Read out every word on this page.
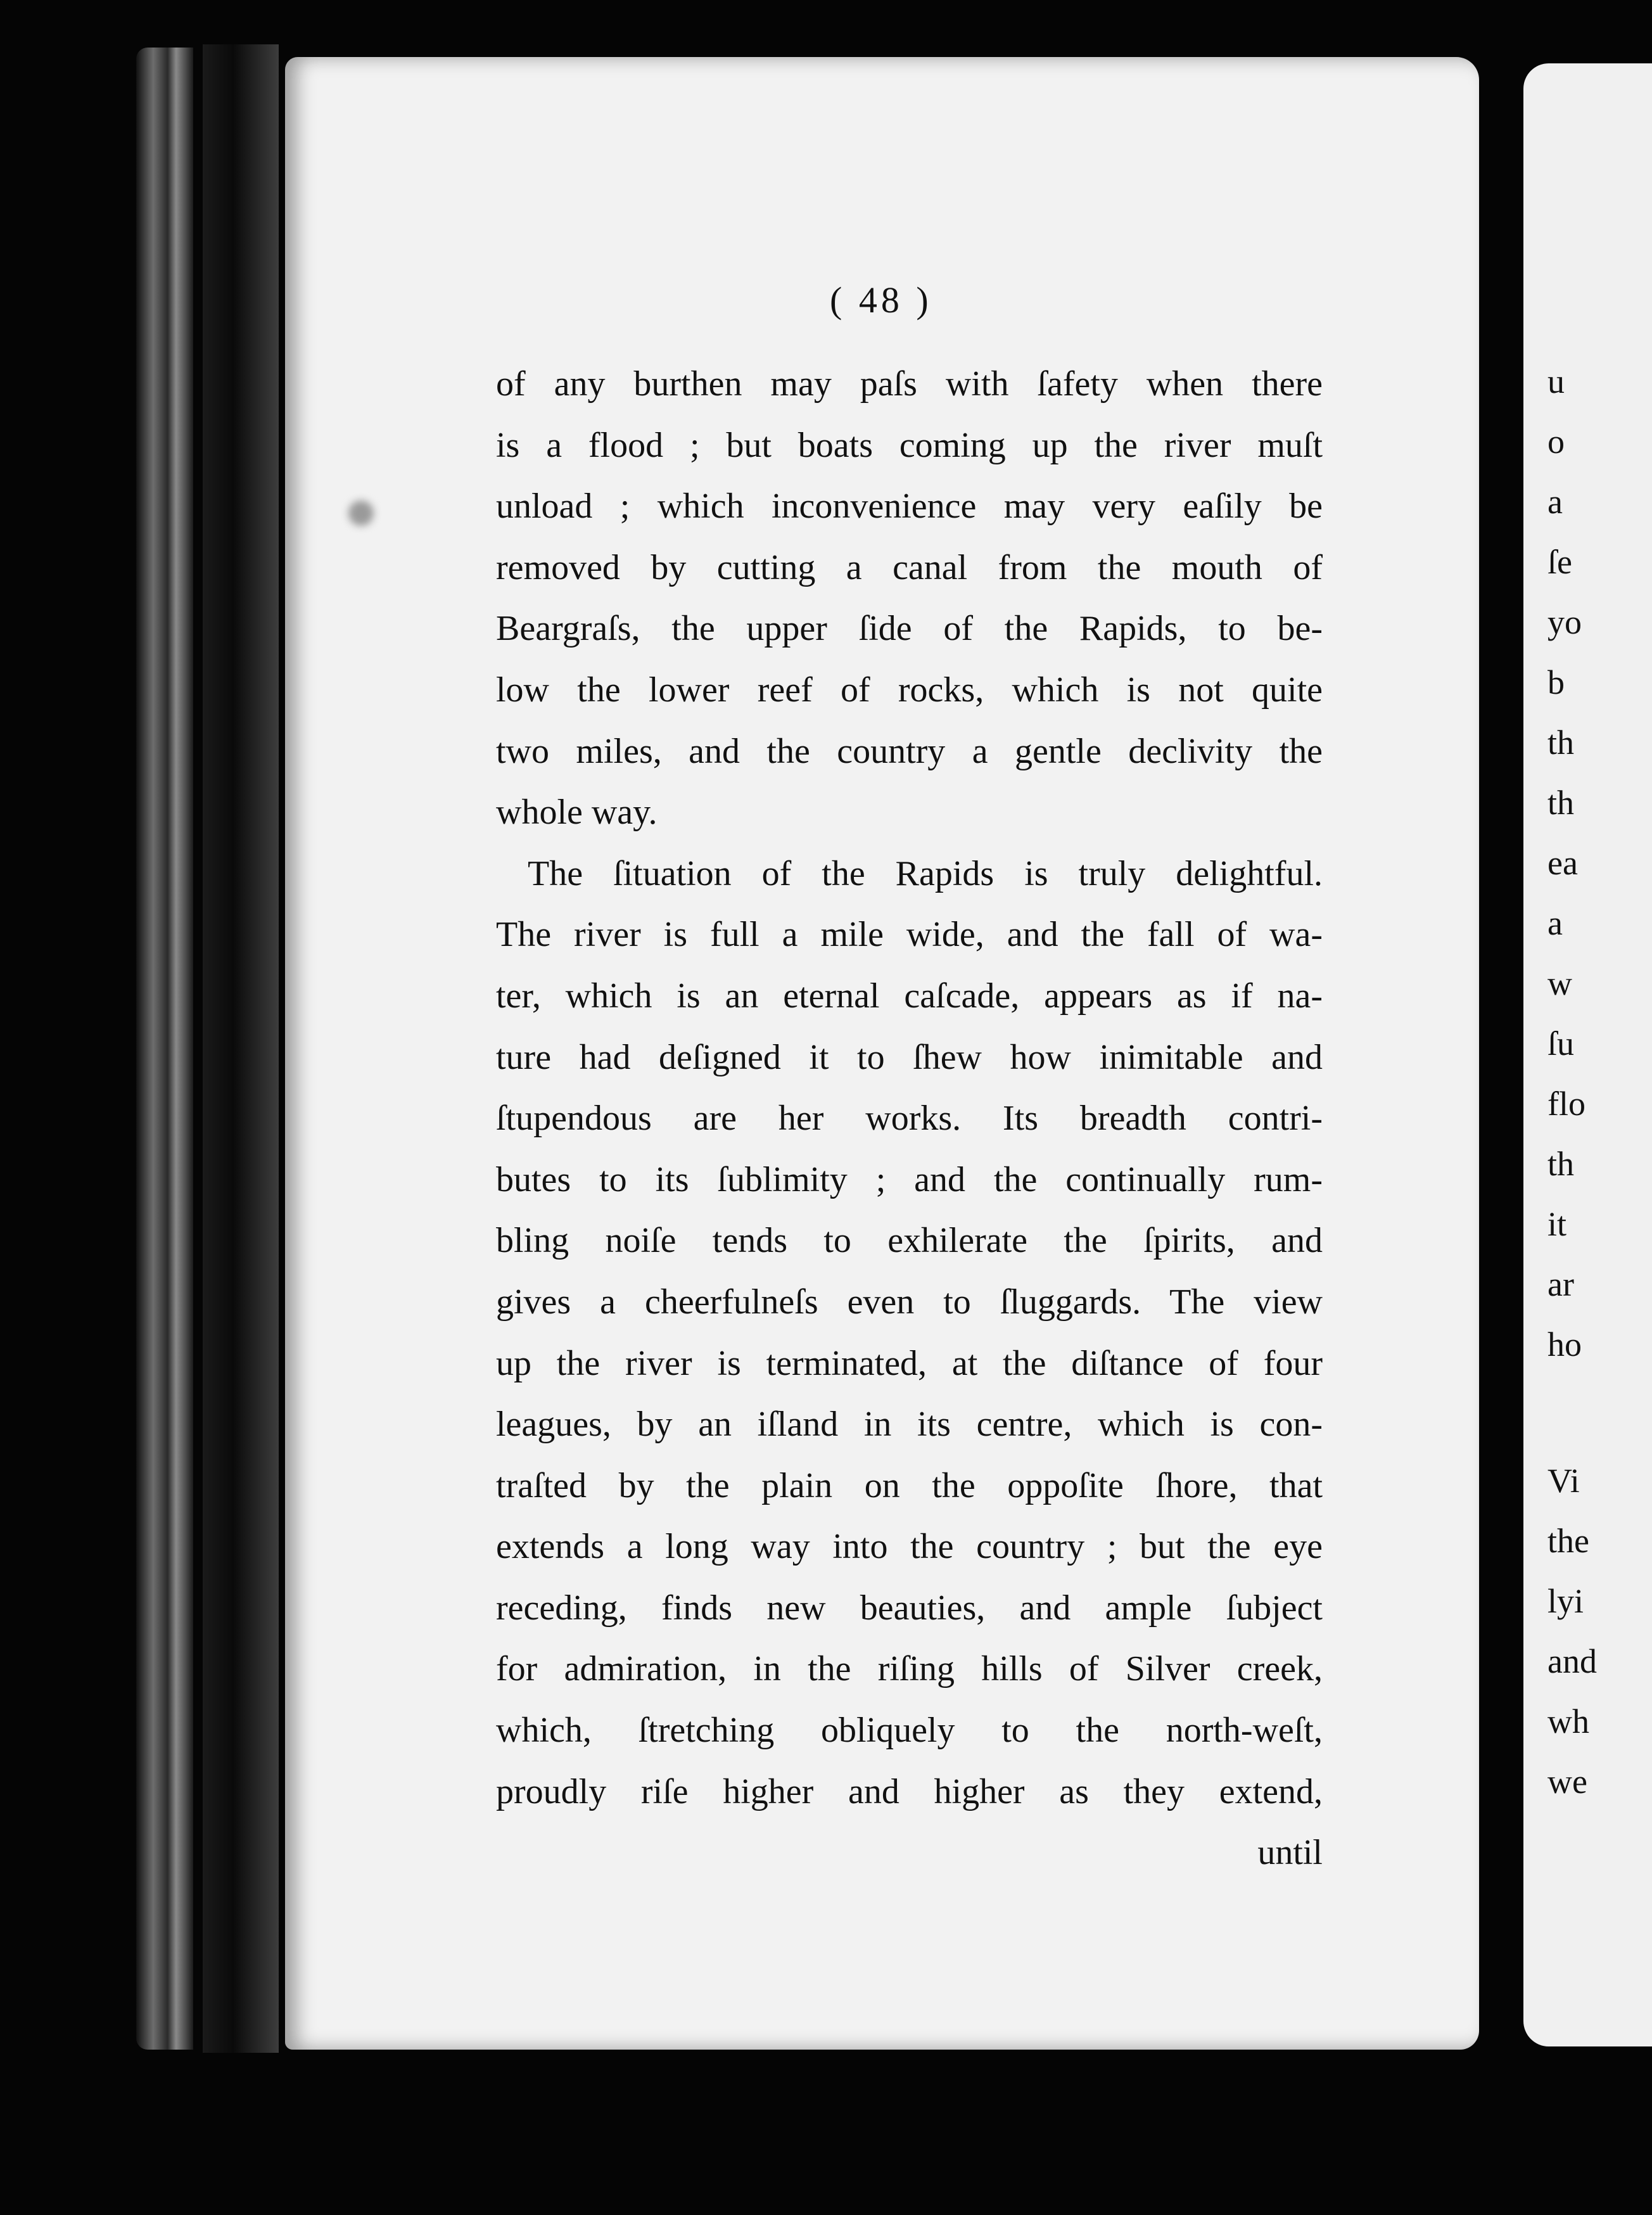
( 48 )
of any burthen may paſs with ſafety when there
is a flood ; but boats coming up the river muſt
unload ; which inconvenience may very eaſily be
removed by cutting a canal from the mouth of
Beargraſs, the upper ſide of the Rapids, to be-
low the lower reef of rocks, which is not quite
two miles, and the country a gentle declivity the
whole way.
The ſituation of the Rapids is truly delightful.
The river is full a mile wide, and the fall of wa-
ter, which is an eternal caſcade, appears as if na-
ture had deſigned it to ſhew how inimitable and
ſtupendous are her works. Its breadth contri-
butes to its ſublimity ; and the continually rum-
bling noiſe tends to exhilerate the ſpirits, and
gives a cheerfulneſs even to ſluggards. The view
up the river is terminated, at the diſtance of four
leagues, by an iſland in its centre, which is con-
traſted by the plain on the oppoſite ſhore, that
extends a long way into the country ; but the eye
receding, finds new beauties, and ample ſubject
for admiration, in the riſing hills of Silver creek,
which, ſtretching obliquely to the north-weſt,
proudly riſe higher and higher as they extend,
until
u
o
a
ſe
yo
b
th
th
ea
a
w
ſu
flo
th
it
ar
ho
Vi
the
lyi
and
wh
we
